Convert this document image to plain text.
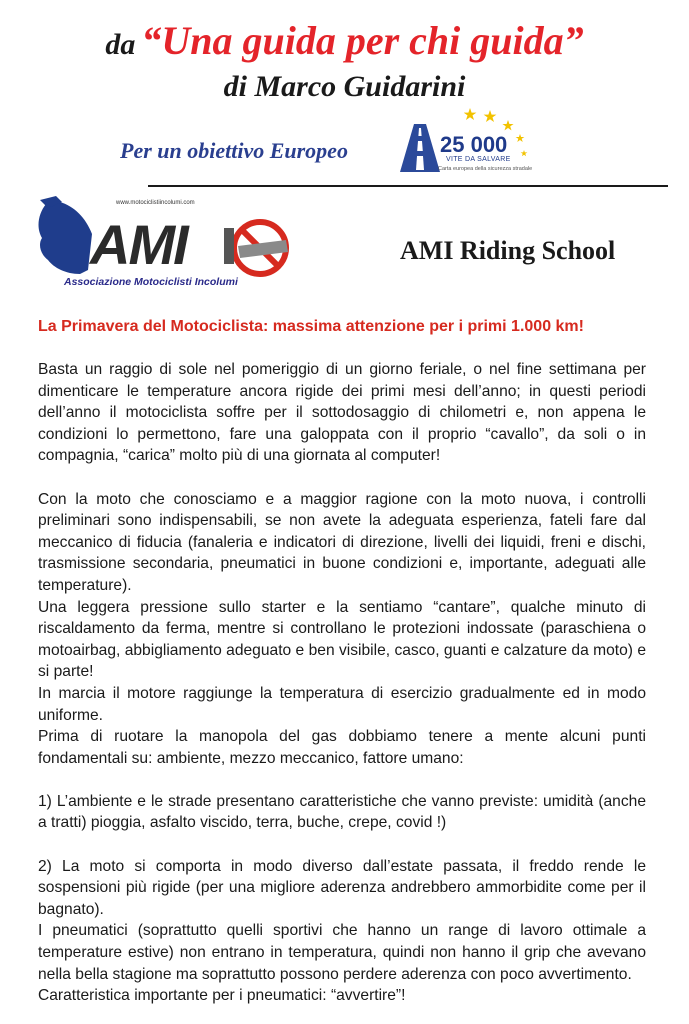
da “Una guida per chi guida”
di Marco Guidarini
Per un obiettivo Europeo	25 000
VITE DA SALVARE
Carta europea della sicurezza stradale
www.motociclistiincolumi.com
AMI
Associazione Motociclisti Incolumi
AMI Riding School
La Primavera del Motociclista: massima attenzione per i primi 1.000 km!

Basta un raggio di sole nel pomeriggio di un giorno feriale, o nel fine settimana per dimenticare le temperature ancora rigide dei primi mesi dell’anno; in questi periodi dell’anno il motociclista soffre per il sottodosaggio di chilometri e, non appena le condizioni lo permettono, fare una galoppata con il proprio “cavallo”, da soli o in compagnia, “carica” molto più di una giornata al computer!

Con la moto che conosciamo e a maggior ragione con la moto nuova, i controlli preliminari sono indispensabili, se non avete la adeguata esperienza, fateli fare dal meccanico di fiducia (fanaleria e indicatori di direzione, livelli dei liquidi, freni e dischi, trasmissione secondaria, pneumatici in buone condizioni e, importante, adeguati alle temperature).

Una leggera pressione sullo starter e la sentiamo “cantare”, qualche minuto di riscaldamento da ferma, mentre si controllano le protezioni indossate (paraschiena o motoairbag, abbigliamento adeguato e ben visibile, casco, guanti e calzature da moto) e si parte!

In marcia il motore raggiunge la temperatura di esercizio gradualmente ed in modo uniforme.

Prima di ruotare la manopola del gas dobbiamo tenere a mente alcuni punti fondamentali su: ambiente, mezzo meccanico, fattore umano:

1) L’ambiente e le strade presentano caratteristiche che vanno previste: umidità (anche a tratti) pioggia, asfalto viscido, terra, buche, crepe, covid !)

2) La moto si comporta in modo diverso dall’estate passata, il freddo rende le sospensioni più rigide (per una migliore aderenza andrebbero ammorbidite come per il bagnato).

I pneumatici (soprattutto quelli sportivi che hanno un range di lavoro ottimale a temperature estive) non entrano in temperatura, quindi non hanno il grip che avevano nella bella stagione ma soprattutto possono perdere aderenza con poco avvertimento.

Caratteristica importante per i pneumatici: “avvertire”!
